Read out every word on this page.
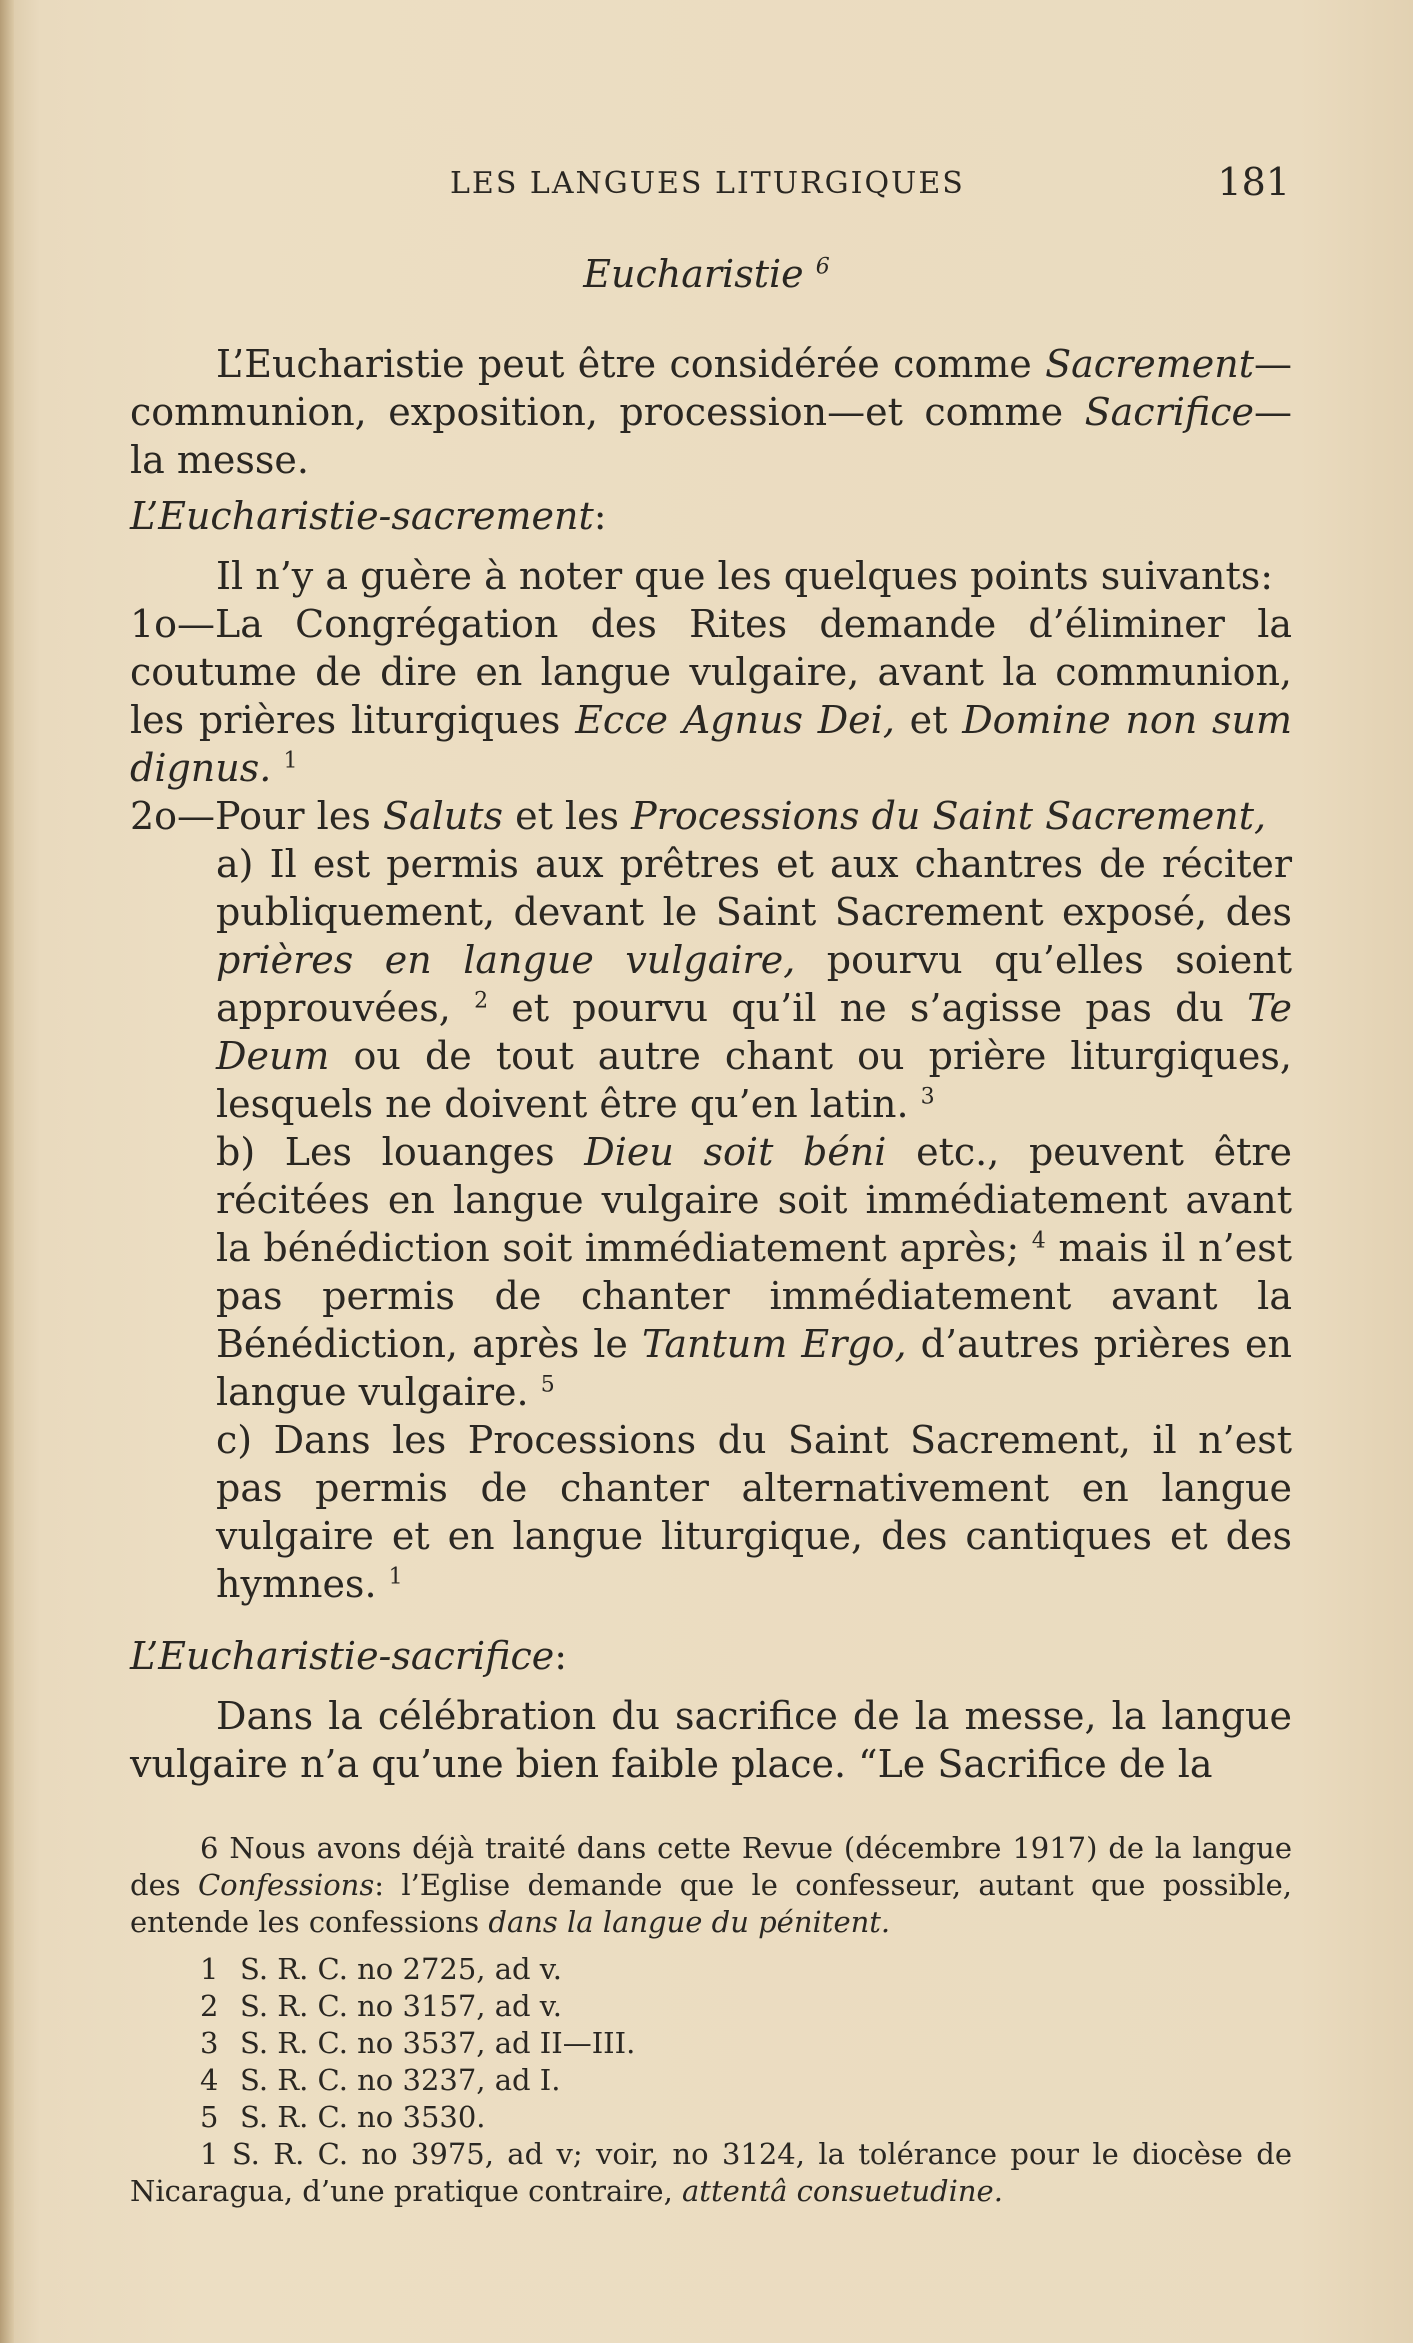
LES LANGUES LITURGIQUES	181
Eucharistie $^6$

L’Eucharistie peut être considérée comme Sacrement— communion, exposition, procession—et comme Sacrifice— la messe.

L’Eucharistie-sacrement:

Il n’y a guère à noter que les quelques points suivants:

1o—La Congrégation des Rites demande d’éliminer la coutume de dire en langue vulgaire, avant la communion, les prières liturgiques Ecce Agnus Dei, et Domine non sum dignus. $^1$

2o—Pour les Saluts et les Processions du Saint Sacrement,

a) Il est permis aux prêtres et aux chantres de réciter publiquement, devant le Saint Sacrement exposé, des prières en langue vulgaire, pourvu qu’elles soient approuvées, $^2$ et pourvu qu’il ne s’agisse pas du Te Deum ou de tout autre chant ou prière liturgiques, lesquels ne doivent être qu’en latin. $^3$

b) Les louanges Dieu soit béni etc., peuvent être récitées en langue vulgaire soit immédiatement avant la bénédiction soit immédiatement après; $^4$ mais il n’est pas permis de chanter immédiatement avant la Bénédiction, après le Tantum Ergo, d’autres prières en langue vulgaire. $^5$

c) Dans les Processions du Saint Sacrement, il n’est pas permis de chanter alternativement en langue vulgaire et en langue liturgique, des cantiques et des hymnes. $^1$

L’Eucharistie-sacrifice:

Dans la célébration du sacrifice de la messe, la langue vulgaire n’a qu’une bien faible place. “Le Sacrifice de la

6 Nous avons déjà traité dans cette Revue (décembre 1917) de la langue des Confessions: l’Eglise demande que le confesseur, autant que possible, entende les confessions dans la langue du pénitent.

1 S. R. C. no 2725, ad v.

2 S. R. C. no 3157, ad v.

3 S. R. C. no 3537, ad II—III.

4 S. R. C. no 3237, ad I.

5 S. R. C. no 3530.

1 S. R. C. no 3975, ad v; voir, no 3124, la tolérance pour le diocèse de Nicaragua, d’une pratique contraire, attentâ consuetudine.
